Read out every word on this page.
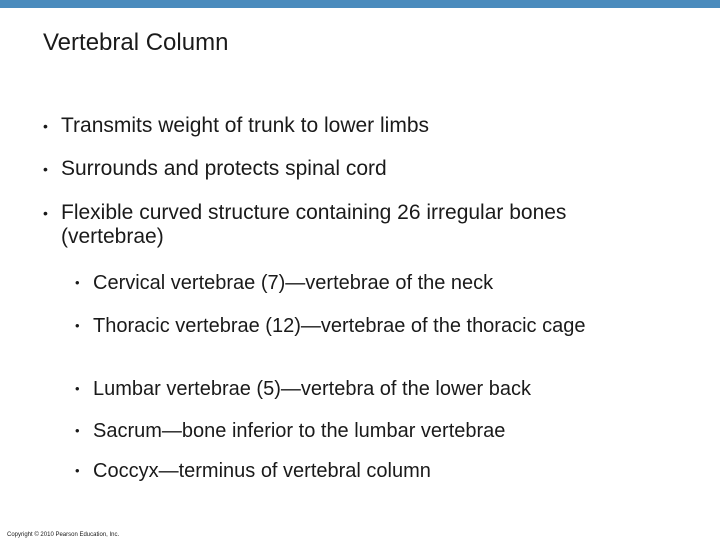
Vertebral Column
• Transmits weight of trunk to lower limbs
• Surrounds and protects spinal cord
• Flexible curved structure containing 26 irregular bones (vertebrae)
• Cervical vertebrae (7)—vertebrae of the neck
• Thoracic vertebrae (12)—vertebrae of the thoracic cage
• Lumbar vertebrae (5)—vertebra of the lower back
• Sacrum—bone inferior to the lumbar vertebrae
• Coccyx—terminus of vertebral column
Copyright © 2010 Pearson Education, Inc.
